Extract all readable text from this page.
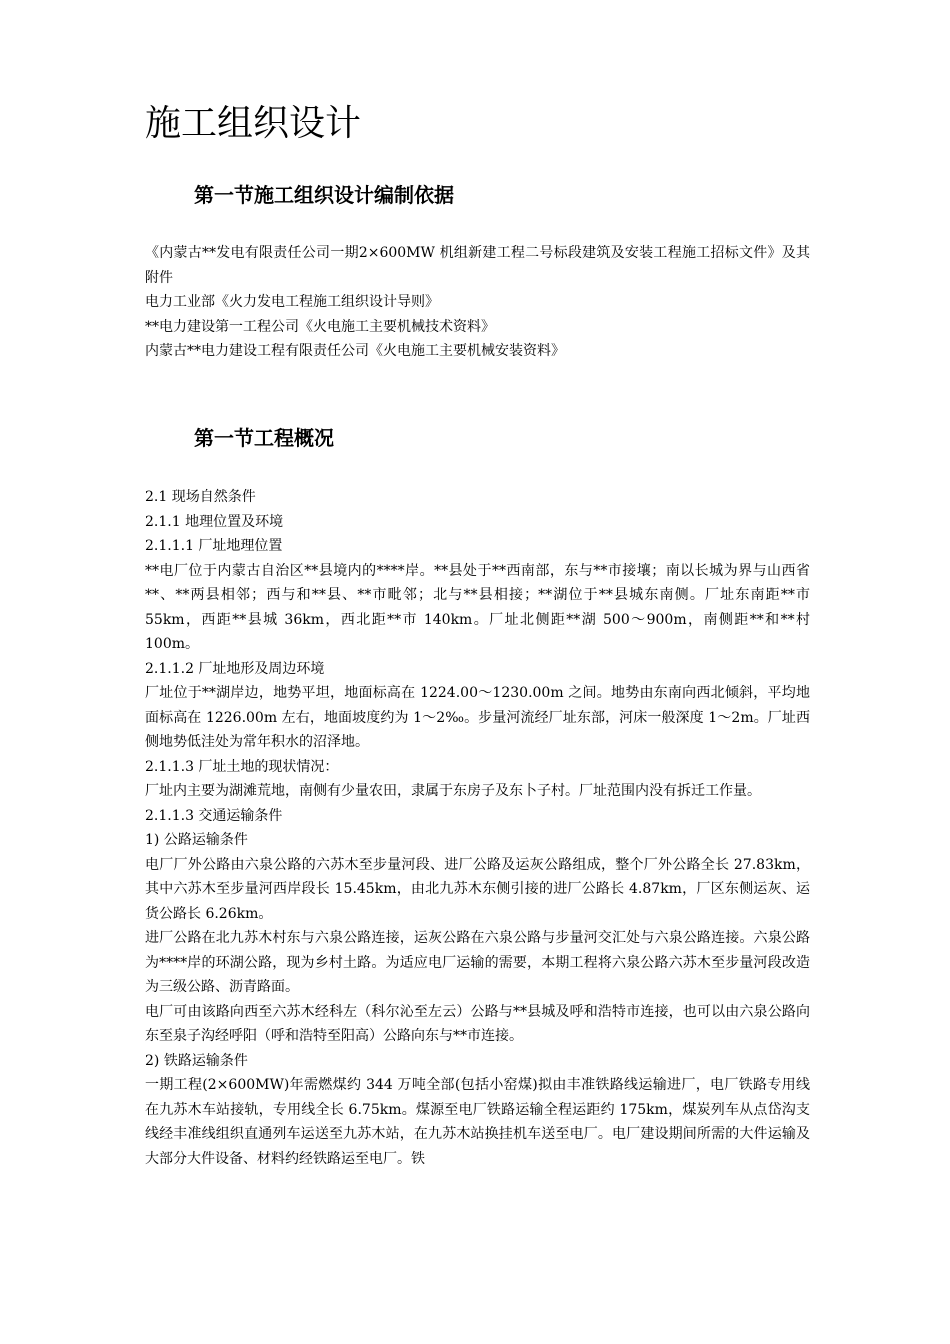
施工组织设计
第一节施工组织设计编制依据

《内蒙古**发电有限责任公司一期2×600MW 机组新建工程二号标段建筑及安装工程施工招标文件》及其附件

电力工业部《火力发电工程施工组织设计导则》

**电力建设第一工程公司《火电施工主要机械技术资料》

内蒙古**电力建设工程有限责任公司《火电施工主要机械安装资料》

第一节工程概况

2.1 现场自然条件

2.1.1 地理位置及环境

2.1.1.1 厂址地理位置

**电厂位于内蒙古自治区**县境内的****岸。**县处于**西南部，东与**市接壤；南以长城为界与山西省**、**两县相邻；西与和**县、**市毗邻；北与**县相接；**湖位于**县城东南侧。厂址东南距**市 55km，西距**县城 36km，西北距**市 140km。厂址北侧距**湖 500～900m，南侧距**和**村 100m。

2.1.1.2 厂址地形及周边环境

厂址位于**湖岸边，地势平坦，地面标高在 1224.00～1230.00m 之间。地势由东南向西北倾斜，平均地面标高在 1226.00m 左右，地面坡度约为 1～2‰。步量河流经厂址东部，河床一般深度 1～2m。厂址西侧地势低洼处为常年积水的沼泽地。

2.1.1.3 厂址土地的现状情况：

厂址内主要为湖滩荒地，南侧有少量农田，隶属于东房子及东卜子村。厂址范围内没有拆迁工作量。

2.1.1.3 交通运输条件

1) 公路运输条件

电厂厂外公路由六泉公路的六苏木至步量河段、进厂公路及运灰公路组成，整个厂外公路全长 27.83km，其中六苏木至步量河西岸段长 15.45km，由北九苏木东侧引接的进厂公路长 4.87km，厂区东侧运灰、运货公路长 6.26km。

进厂公路在北九苏木村东与六泉公路连接，运灰公路在六泉公路与步量河交汇处与六泉公路连接。六泉公路为****岸的环湖公路，现为乡村土路。为适应电厂运输的需要，本期工程将六泉公路六苏木至步量河段改造为三级公路、沥青路面。

电厂可由该路向西至六苏木经科左（科尔沁至左云）公路与**县城及呼和浩特市连接，也可以由六泉公路向东至泉子沟经呼阳（呼和浩特至阳高）公路向东与**市连接。

2) 铁路运输条件

一期工程(2×600MW)年需燃煤约 344 万吨全部(包括小窑煤)拟由丰准铁路线运输进厂，电厂铁路专用线在九苏木车站接轨，专用线全长 6.75km。煤源至电厂铁路运输全程运距约 175km，煤炭列车从点岱沟支线经丰准线组织直通列车运送至九苏木站，在九苏木站换挂机车送至电厂。电厂建设期间所需的大件运输及大部分大件设备、材料约经铁路运至电厂。铁
